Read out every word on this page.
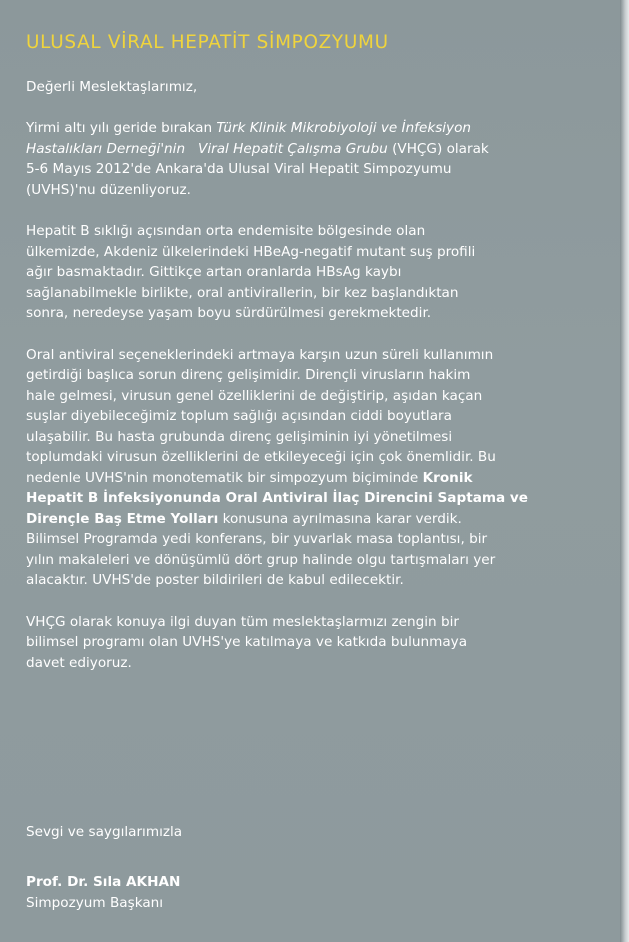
ULUSAL VİRAL HEPATİT SİMPOZYUMU
Değerli Meslektaşlarımız,
Yirmi altı yılı geride bırakan Türk Klinik Mikrobiyoloji ve İnfeksiyon
Hastalıkları Derneği'nin   Viral Hepatit Çalışma Grubu (VHÇG) olarak
5-6 Mayıs 2012'de Ankara'da Ulusal Viral Hepatit Simpozyumu
(UVHS)'nu düzenliyoruz.
Hepatit B sıklığı açısından orta endemisite bölgesinde olan
ülkemizde, Akdeniz ülkelerindeki HBeAg-negatif mutant suş profili
ağır basmaktadır. Gittikçe artan oranlarda HBsAg kaybı
sağlanabilmekle birlikte, oral antivirallerin, bir kez başlandıktan
sonra, neredeyse yaşam boyu sürdürülmesi gerekmektedir.
Oral antiviral seçeneklerindeki artmaya karşın uzun süreli kullanımın
getirdiği başlıca sorun direnç gelişimidir. Dirençli virusların hakim
hale gelmesi, virusun genel özelliklerini de değiştirip, aşıdan kaçan
suşlar diyebileceğimiz toplum sağlığı açısından ciddi boyutlara
ulaşabilir. Bu hasta grubunda direnç gelişiminin iyi yönetilmesi
toplumdaki virusun özelliklerini de etkileyeceği için çok önemlidir. Bu
nedenle UVHS'nin monotematik bir simpozyum biçiminde Kronik
Hepatit B İnfeksiyonunda Oral Antiviral İlaç Direncini Saptama ve
Dirençle Baş Etme Yolları konusuna ayrılmasına karar verdik.
Bilimsel Programda yedi konferans, bir yuvarlak masa toplantısı, bir
yılın makaleleri ve dönüşümlü dört grup halinde olgu tartışmaları yer
alacaktır. UVHS'de poster bildirileri de kabul edilecektir.
VHÇG olarak konuya ilgi duyan tüm meslektaşlarmızı zengin bir
bilimsel programı olan UVHS'ye katılmaya ve katkıda bulunmaya
davet ediyoruz.
Sevgi ve saygılarımızla
Prof. Dr. Sıla AKHAN
Simpozyum Başkanı
